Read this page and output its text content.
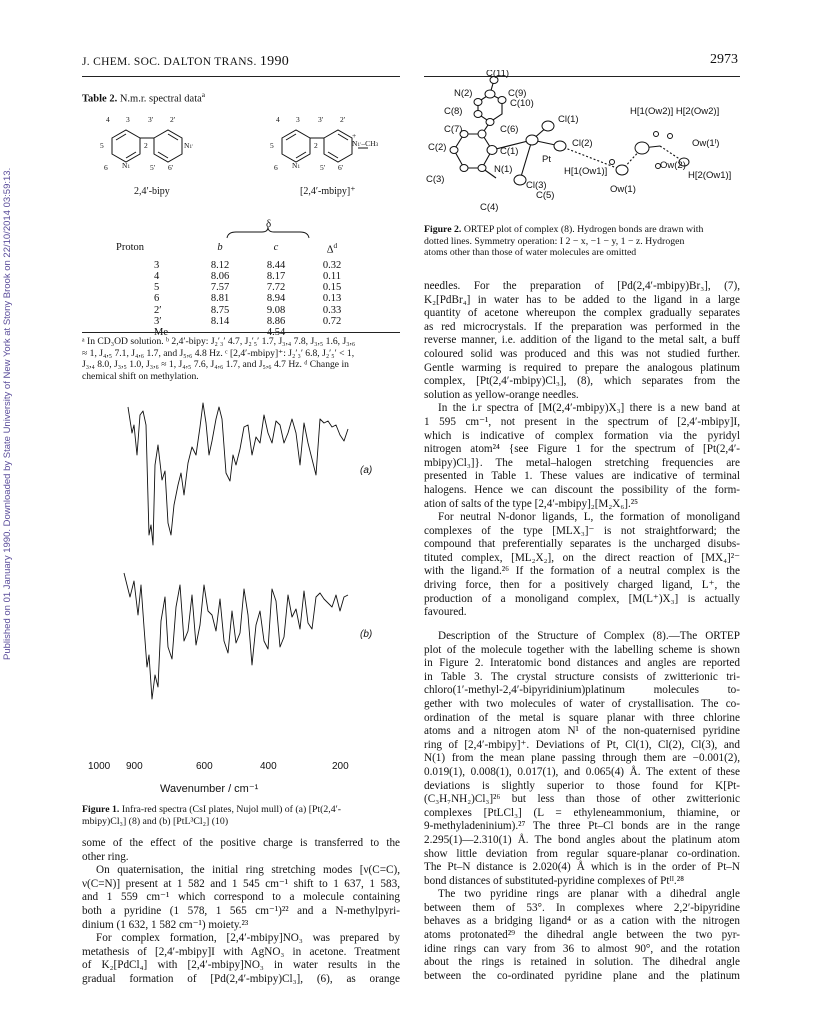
Published on 01 January 1990. Downloaded by State University of New York at Stony Brook on 22/10/2014 03:59:13.
J. CHEM. SOC. DALTON TRANS. 1990	2973
Table 2. N.m.r. spectral data$^a$
4 3 3′ 2′
5	2	N1′
6 N1	5′ 6′
4 3 3′ 2′
5	2	N1′–CH3
6 N1	5′ 6′
+
2,4′-bipy	[2,4′-mbipy]⁺
δ
Proton	b	c	$\Delta^d$

3	8.12	8.44	0.32
4	8.06	8.17	0.11
5	7.57	7.72	0.15
6	8.81	8.94	0.13
2′	8.75	9.08	0.33
3′	8.14	8.86	0.72
Me	—	4.54	—
ᵃ In CD₃OD solution. ᵇ 2,4′-bipy: J₂′₃′ 4.7, J₂′₅′ 1.7, J₃,₄ 7.8, J₃,₅ 1.6, J₃,₆
≈ 1, J₄,₅ 7.1, J₄,₆ 1.7, and J₅,₆ 4.8 Hz. ᶜ [2,4′-mbipy]⁺: J₂′₃′ 6.8, J₂′₅′ < 1,
J₃,₄ 8.0, J₃,₅ 1.0, J₃,₆ ≈ 1, J₄,₅ 7.6, J₄,₆ 1.7, and J₅,₆ 4.7 Hz. ᵈ Change in
chemical shift on methylation.
(a)
(b)
1000 900	600	400	200
Wavenumber / cm⁻¹
Figure 1. Infra-red spectra (CsI plates, Nujol mull) of (a) [Pt(2,4′-
mbipy)Cl₃] (8) and (b) [PtL³Cl₂] (10)
some of the effect of the positive charge is transferred to the
other ring.
On quaternisation, the initial ring stretching modes [ν(C=C),
ν(C=N)] present at 1 582 and 1 545 cm⁻¹ shift to 1 637, 1 583,
and 1 559 cm⁻¹ which correspond to a molecule containing
both a pyridine (1 578, 1 565 cm⁻¹)²² and a N-methylpyri-
dinium (1 632, 1 582 cm⁻¹) moiety.²³
For complex formation, [2,4′-mbipy]NO₃ was prepared by
metathesis of [2,4′-mbipy]I with AgNO₃ in acetone. Treatment
of K₂[PdCl₄] with [2,4′-mbipy]NO₃ in water results in the
gradual formation of [Pd(2,4′-mbipy)Cl₃], (6), as orange
C(11)
N(2)	C(9)
C(10)
C(8)
Cl(1)
C(7)	C(6)
Cl(2)
C(2)	C(1)
Pt
N(1)	H[1(Ow1)]
C(3)
Cl(3)
C(5)
C(4)
Ow(1)
Ow(2)
H[1(Ow2)] H[2(Ow2)]
Ow(1ᴵ)
H[2(Ow1)]
Figure 2. ORTEP plot of complex (8). Hydrogen bonds are drawn with
dotted lines. Symmetry operation: I 2 − x, −1 − y, 1 − z. Hydrogen
atoms other than those of water molecules are omitted
needles. For the preparation of [Pd(2,4′-mbipy)Br₃], (7),
K₂[PdBr₄] in water has to be added to the ligand in a large
quantity of acetone whereupon the complex gradually separates
as red microcrystals. If the preparation was performed in the
reverse manner, i.e. addition of the ligand to the metal salt, a buff
coloured solid was produced and this was not studied further.
Gentle warming is required to prepare the analogous platinum
complex, [Pt(2,4′-mbipy)Cl₃], (8), which separates from the
solution as yellow-orange needles.
In the i.r spectra of [M(2,4′-mbipy)X₃] there is a new band at
1 595 cm⁻¹, not present in the spectrum of [2,4′-mbipy]I,
which is indicative of complex formation via the pyridyl
nitrogen atom²⁴ {see Figure 1 for the spectrum of [Pt(2,4′-
mbipy)Cl₃]}. The metal–halogen stretching frequencies are
presented in Table 1. These values are indicative of terminal
halogens. Hence we can discount the possibility of the form-
ation of salts of the type [2,4′-mbipy]₂[M₂X₆].²⁵
For neutral N-donor ligands, L, the formation of monoligand
complexes of the type [MLX₃]⁻ is not straightforward; the
compound that preferentially separates is the uncharged disubs-
tituted complex, [ML₂X₂], on the direct reaction of [MX₄]²⁻
with the ligand.²⁶ If the formation of a neutral complex is the
driving force, then for a positively charged ligand, L⁺, the
production of a monoligand complex, [M(L⁺)X₃] is actually
favoured.
Description of the Structure of Complex (8).—The ORTEP
plot of the molecule together with the labelling scheme is shown
in Figure 2. Interatomic bond distances and angles are reported
in Table 3. The crystal structure consists of zwitterionic tri-
chloro(1′-methyl-2,4′-bipyridinium)platinum molecules to-
gether with two molecules of water of crystallisation. The co-
ordination of the metal is square planar with three chlorine
atoms and a nitrogen atom N¹ of the non-quaternised pyridine
ring of [2,4′-mbipy]⁺. Deviations of Pt, Cl(1), Cl(2), Cl(3), and
N(1) from the mean plane passing through them are −0.001(2),
0.019(1), 0.008(1), 0.017(1), and 0.065(4) Å. The extent of these
deviations is slightly superior to those found for K[Pt-
(C₃H₇NH₂)Cl₃]²⁶ but less than those of other zwitterionic
complexes [PtLCl₃] (L = ethyleneammonium, thiamine, or
9-methyladeninium).²⁷ The three Pt–Cl bonds are in the range
2.295(1)—2.310(1) Å. The bond angles about the platinum atom
show little deviation from regular square-planar co-ordination.
The Pt–N distance is 2.020(4) Å which is in the order of Pt–N
bond distances of substituted-pyridine complexes of Ptᴵᴵ.²⁸
The two pyridine rings are planar with a dihedral angle
between them of 53°. In complexes where 2,2′-bipyridine
behaves as a bridging ligand⁴ or as a cation with the nitrogen
atoms protonated²⁹ the dihedral angle between the two pyr-
idine rings can vary from 36 to almost 90°, and the rotation
about the rings is retained in solution. The dihedral angle
between the co-ordinated pyridine plane and the platinum
